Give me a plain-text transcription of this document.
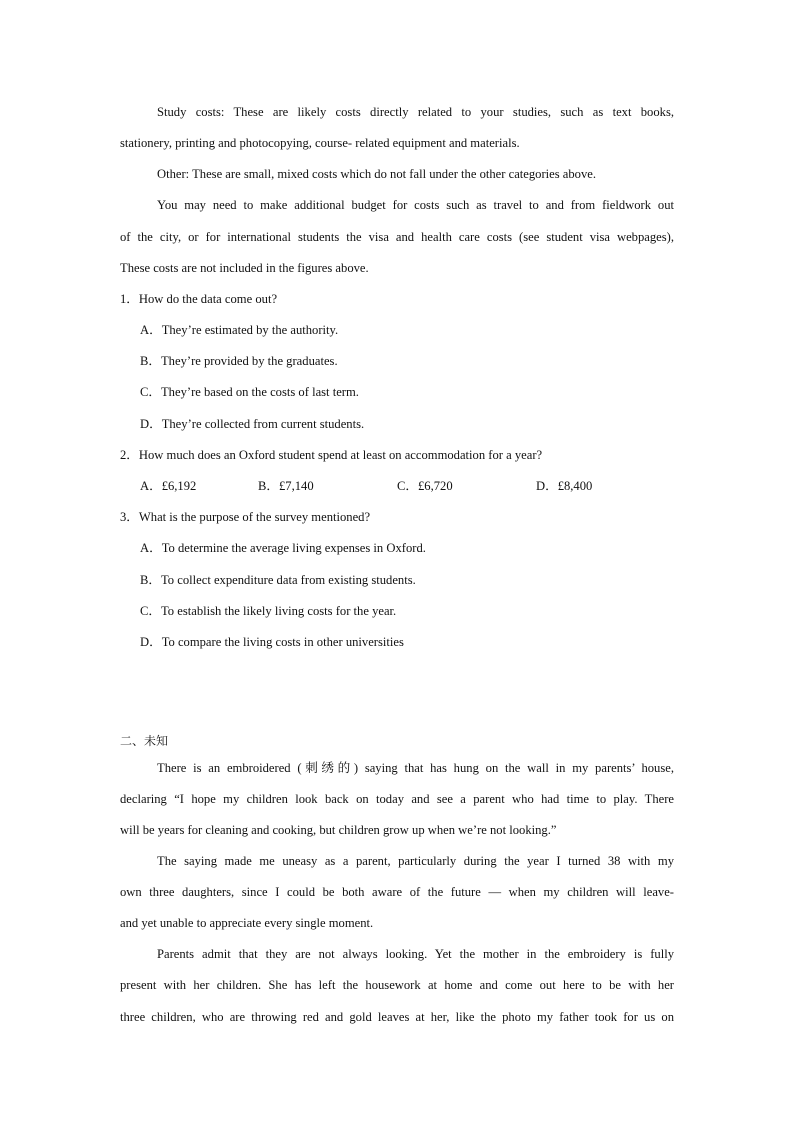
Study costs: These are likely costs directly related to your studies, such as text books,
stationery, printing and photocopying, course- related equipment and materials.
Other: These are small, mixed costs which do not fall under the other categories above.
You may need to make additional budget for costs such as travel to and from fieldwork out
of the city, or for international students the visa and health care costs (see student visa webpages),
These costs are not included in the figures above.
1．How do the data come out?
A．They’re estimated by the authority.
B．They’re provided by the graduates.
C．They’re based on the costs of last term.
D．They’re collected from current students.
2．How much does an Oxford student spend at least on accommodation for a year?
A．£6,192	B．£7,140	C．£6,720	D．£8,400
3．What is the purpose of the survey mentioned?
A．To determine the average living expenses in Oxford.
B．To collect expenditure data from existing students.
C．To establish the likely living costs for the year.
D．To compare the living costs in other universities
二、未知
There is an embroidered (刺绣的) saying that has hung on the wall in my parents’ house,
declaring “I hope my children look back on today and see a parent who had time to play. There
will be years for cleaning and cooking, but children grow up when we’re not looking.”
The saying made me uneasy as a parent, particularly during the year I turned 38 with my
own three daughters, since I could be both aware of the future — when my children will leave-
and yet unable to appreciate every single moment.
Parents admit that they are not always looking. Yet the mother in the embroidery is fully
present with her children. She has left the housework at home and come out here to be with her
three children, who are throwing red and gold leaves at her, like the photo my father took for us on
